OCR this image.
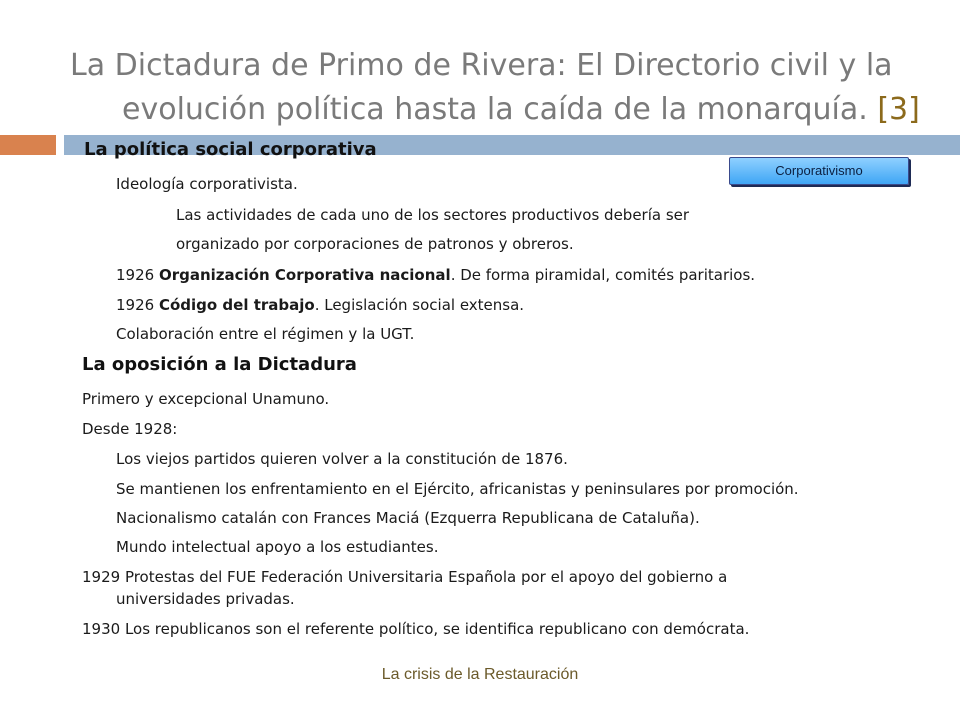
La Dictadura de Primo de Rivera: El Directorio civil y la
evolución política hasta la caída de la monarquía. [3]
Corporativismo
La política social corporativa
Ideología corporativista.
Las actividades de cada uno de los sectores productivos debería ser
organizado por corporaciones de patronos y obreros.
1926 Organización Corporativa nacional. De forma piramidal, comités paritarios.
1926 Código del trabajo. Legislación social extensa.
Colaboración entre el régimen y la UGT.
La oposición a la Dictadura
Primero y excepcional Unamuno.
Desde 1928:
Los viejos partidos quieren volver a la constitución de 1876.
Se mantienen los enfrentamiento en el Ejército, africanistas y peninsulares por promoción.
Nacionalismo catalán con Frances Maciá (Ezquerra Republicana de Cataluña).
Mundo intelectual apoyo a los estudiantes.
1929 Protestas del FUE Federación Universitaria Española por el apoyo del gobierno a
universidades privadas.
1930 Los republicanos son el referente político, se identifica republicano con demócrata.
La crisis de la Restauración
